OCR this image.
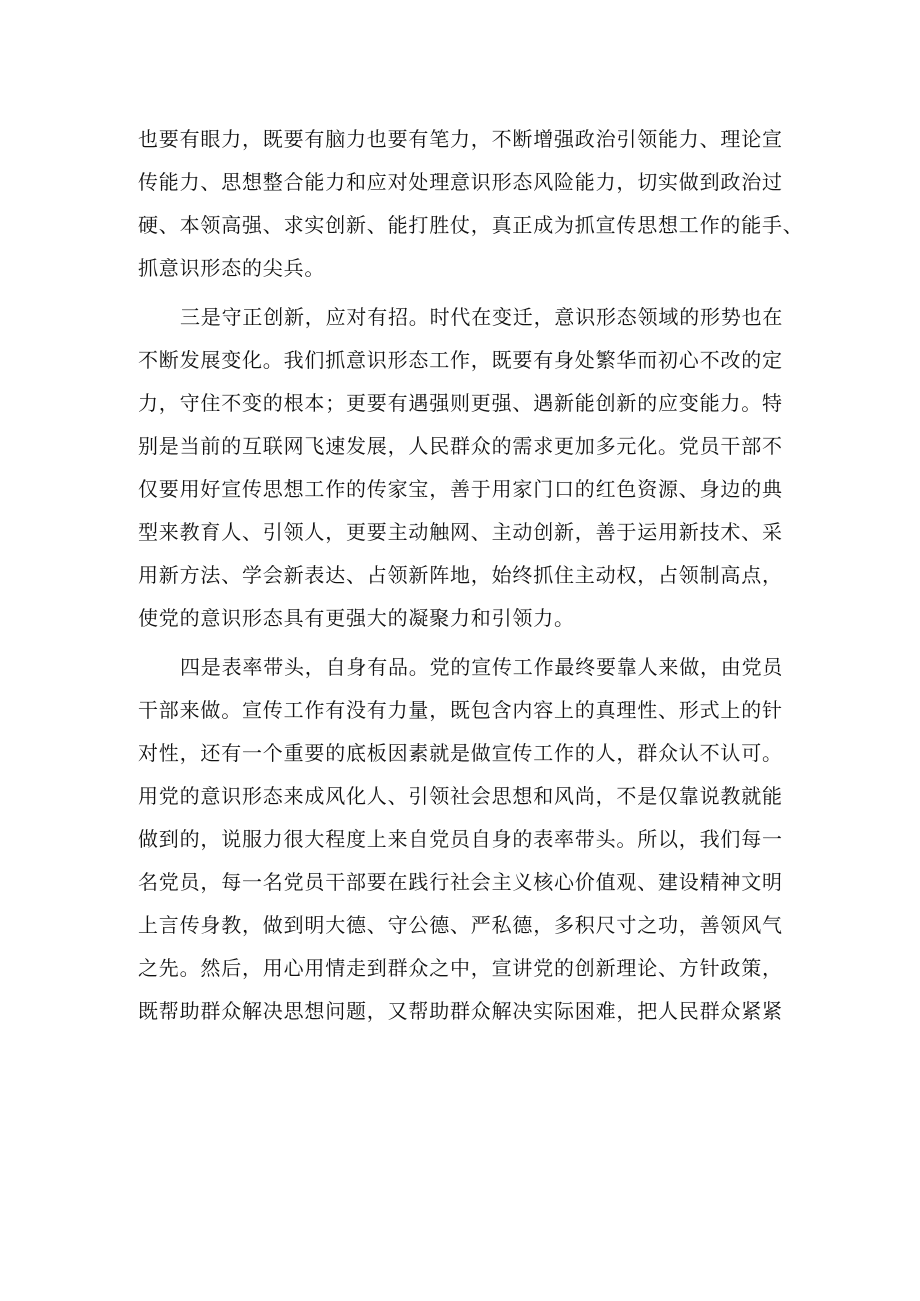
也要有眼力，既要有脑力也要有笔力，不断增强政治引领能力、理论宣
传能力、思想整合能力和应对处理意识形态风险能力，切实做到政治过
硬、本领高强、求实创新、能打胜仗，真正成为抓宣传思想工作的能手、
抓意识形态的尖兵。
三是守正创新，应对有招。时代在变迁，意识形态领域的形势也在
不断发展变化。我们抓意识形态工作，既要有身处繁华而初心不改的定
力，守住不变的根本；更要有遇强则更强、遇新能创新的应变能力。特
别是当前的互联网飞速发展，人民群众的需求更加多元化。党员干部不
仅要用好宣传思想工作的传家宝，善于用家门口的红色资源、身边的典
型来教育人、引领人，更要主动触网、主动创新，善于运用新技术、采
用新方法、学会新表达、占领新阵地，始终抓住主动权，占领制高点，
使党的意识形态具有更强大的凝聚力和引领力。
四是表率带头，自身有品。党的宣传工作最终要靠人来做，由党员
干部来做。宣传工作有没有力量，既包含内容上的真理性、形式上的针
对性，还有一个重要的底板因素就是做宣传工作的人，群众认不认可。
用党的意识形态来成风化人、引领社会思想和风尚，不是仅靠说教就能
做到的，说服力很大程度上来自党员自身的表率带头。所以，我们每一
名党员，每一名党员干部要在践行社会主义核心价值观、建设精神文明
上言传身教，做到明大德、守公德、严私德，多积尺寸之功，善领风气
之先。然后，用心用情走到群众之中，宣讲党的创新理论、方针政策，
既帮助群众解决思想问题，又帮助群众解决实际困难，把人民群众紧紧
